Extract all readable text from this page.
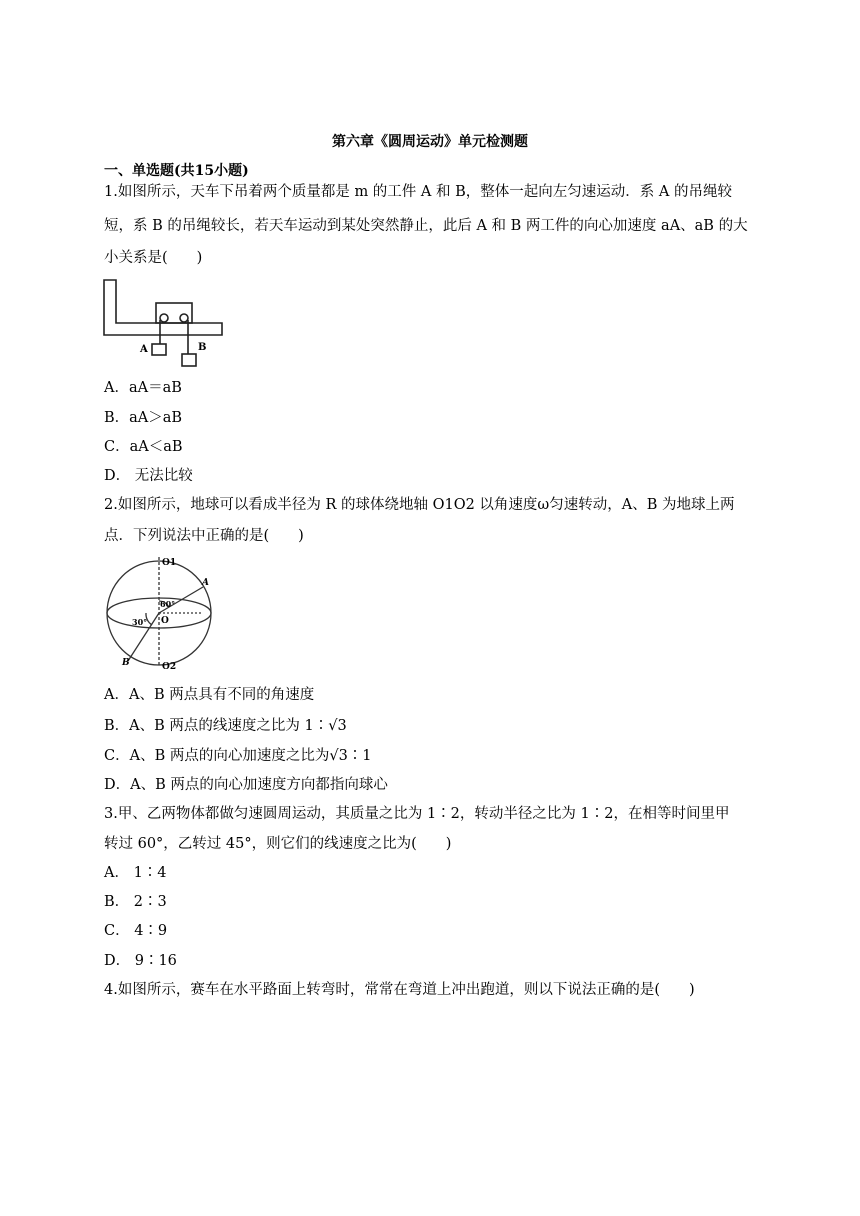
第六章《圆周运动》单元检测题
一、单选题(共15小题)
1.如图所示，天车下吊着两个质量都是 m 的工件 A 和 B，整体一起向左匀速运动．系 A 的吊绳较
短，系 B 的吊绳较长，若天车运动到某处突然静止，此后 A 和 B 两工件的向心加速度 aA、aB 的大
小关系是(　　)
A	B
A．aA＝aB
B．aA＞aB
C．aA＜aB
D． 无法比较
2.如图所示，地球可以看成半径为 R 的球体绕地轴 O1O2 以角速度ω匀速转动，A、B 为地球上两
点．下列说法中正确的是(　　)
O1
O2
O
A
B
60°
30°
A．A、B 两点具有不同的角速度
B．A、B 两点的线速度之比为 1∶√3
C．A、B 两点的向心加速度之比为√3∶1
D．A、B 两点的向心加速度方向都指向球心
3.甲、乙两物体都做匀速圆周运动，其质量之比为 1∶2，转动半径之比为 1∶2，在相等时间里甲
转过 60°，乙转过 45°，则它们的线速度之比为(　　)
A． 1∶4
B． 2∶3
C． 4∶9
D． 9∶16
4.如图所示，赛车在水平路面上转弯时，常常在弯道上冲出跑道，则以下说法正确的是(　　)
